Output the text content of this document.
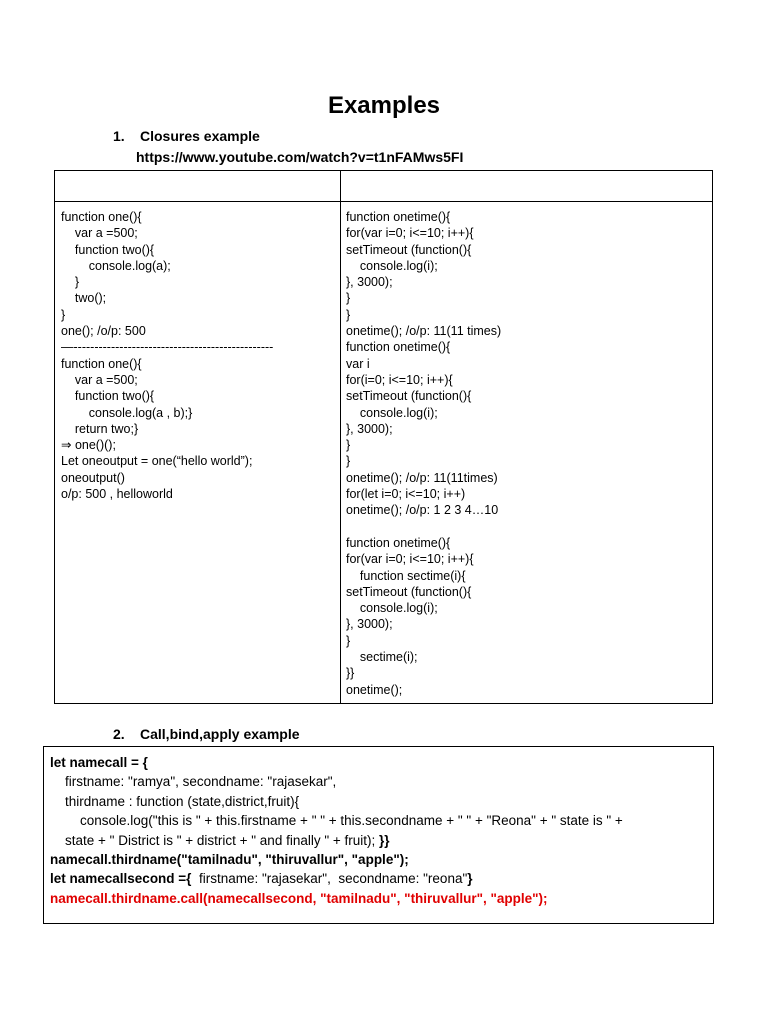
Examples
1. Closures example
https://www.youtube.com/watch?v=t1nFAMws5FI
function one(){
var a =500;
function two(){
console.log(a);
}
two();
}
one(); /o/p: 500
—------------------------------------------------
function one(){
var a =500;
function two(){
console.log(a , b);}
return two;}
⇒ one()();
Let oneoutput = one(“hello world”);
oneoutput()
o/p: 500 , helloworld
function onetime(){
for(var i=0; i<=10; i++){
setTimeout (function(){
console.log(i);
}, 3000);
}
}
onetime(); /o/p: 11(11 times)
function onetime(){
var i
for(i=0; i<=10; i++){
setTimeout (function(){
console.log(i);
}, 3000);
}
}
onetime(); /o/p: 11(11times)
for(let i=0; i<=10; i++)
onetime(); /o/p: 1 2 3 4…10

function onetime(){
for(var i=0; i<=10; i++){
function sectime(i){
setTimeout (function(){
console.log(i);
}, 3000);
}
sectime(i);
}}
onetime();
2. Call,bind,apply example
let namecall = {
firstname: "ramya", secondname: "rajasekar",
thirdname : function (state,district,fruit){
console.log("this is " + this.firstname + " " + this.secondname + " " + "Reona" + " state is " +
state + " District is " + district + " and finally " + fruit); }}
namecall.thirdname("tamilnadu", "thiruvallur", "apple");
let namecallsecond ={  firstname: "rajasekar",  secondname: "reona"}
namecall.thirdname.call(namecallsecond, "tamilnadu", "thiruvallur", "apple");
